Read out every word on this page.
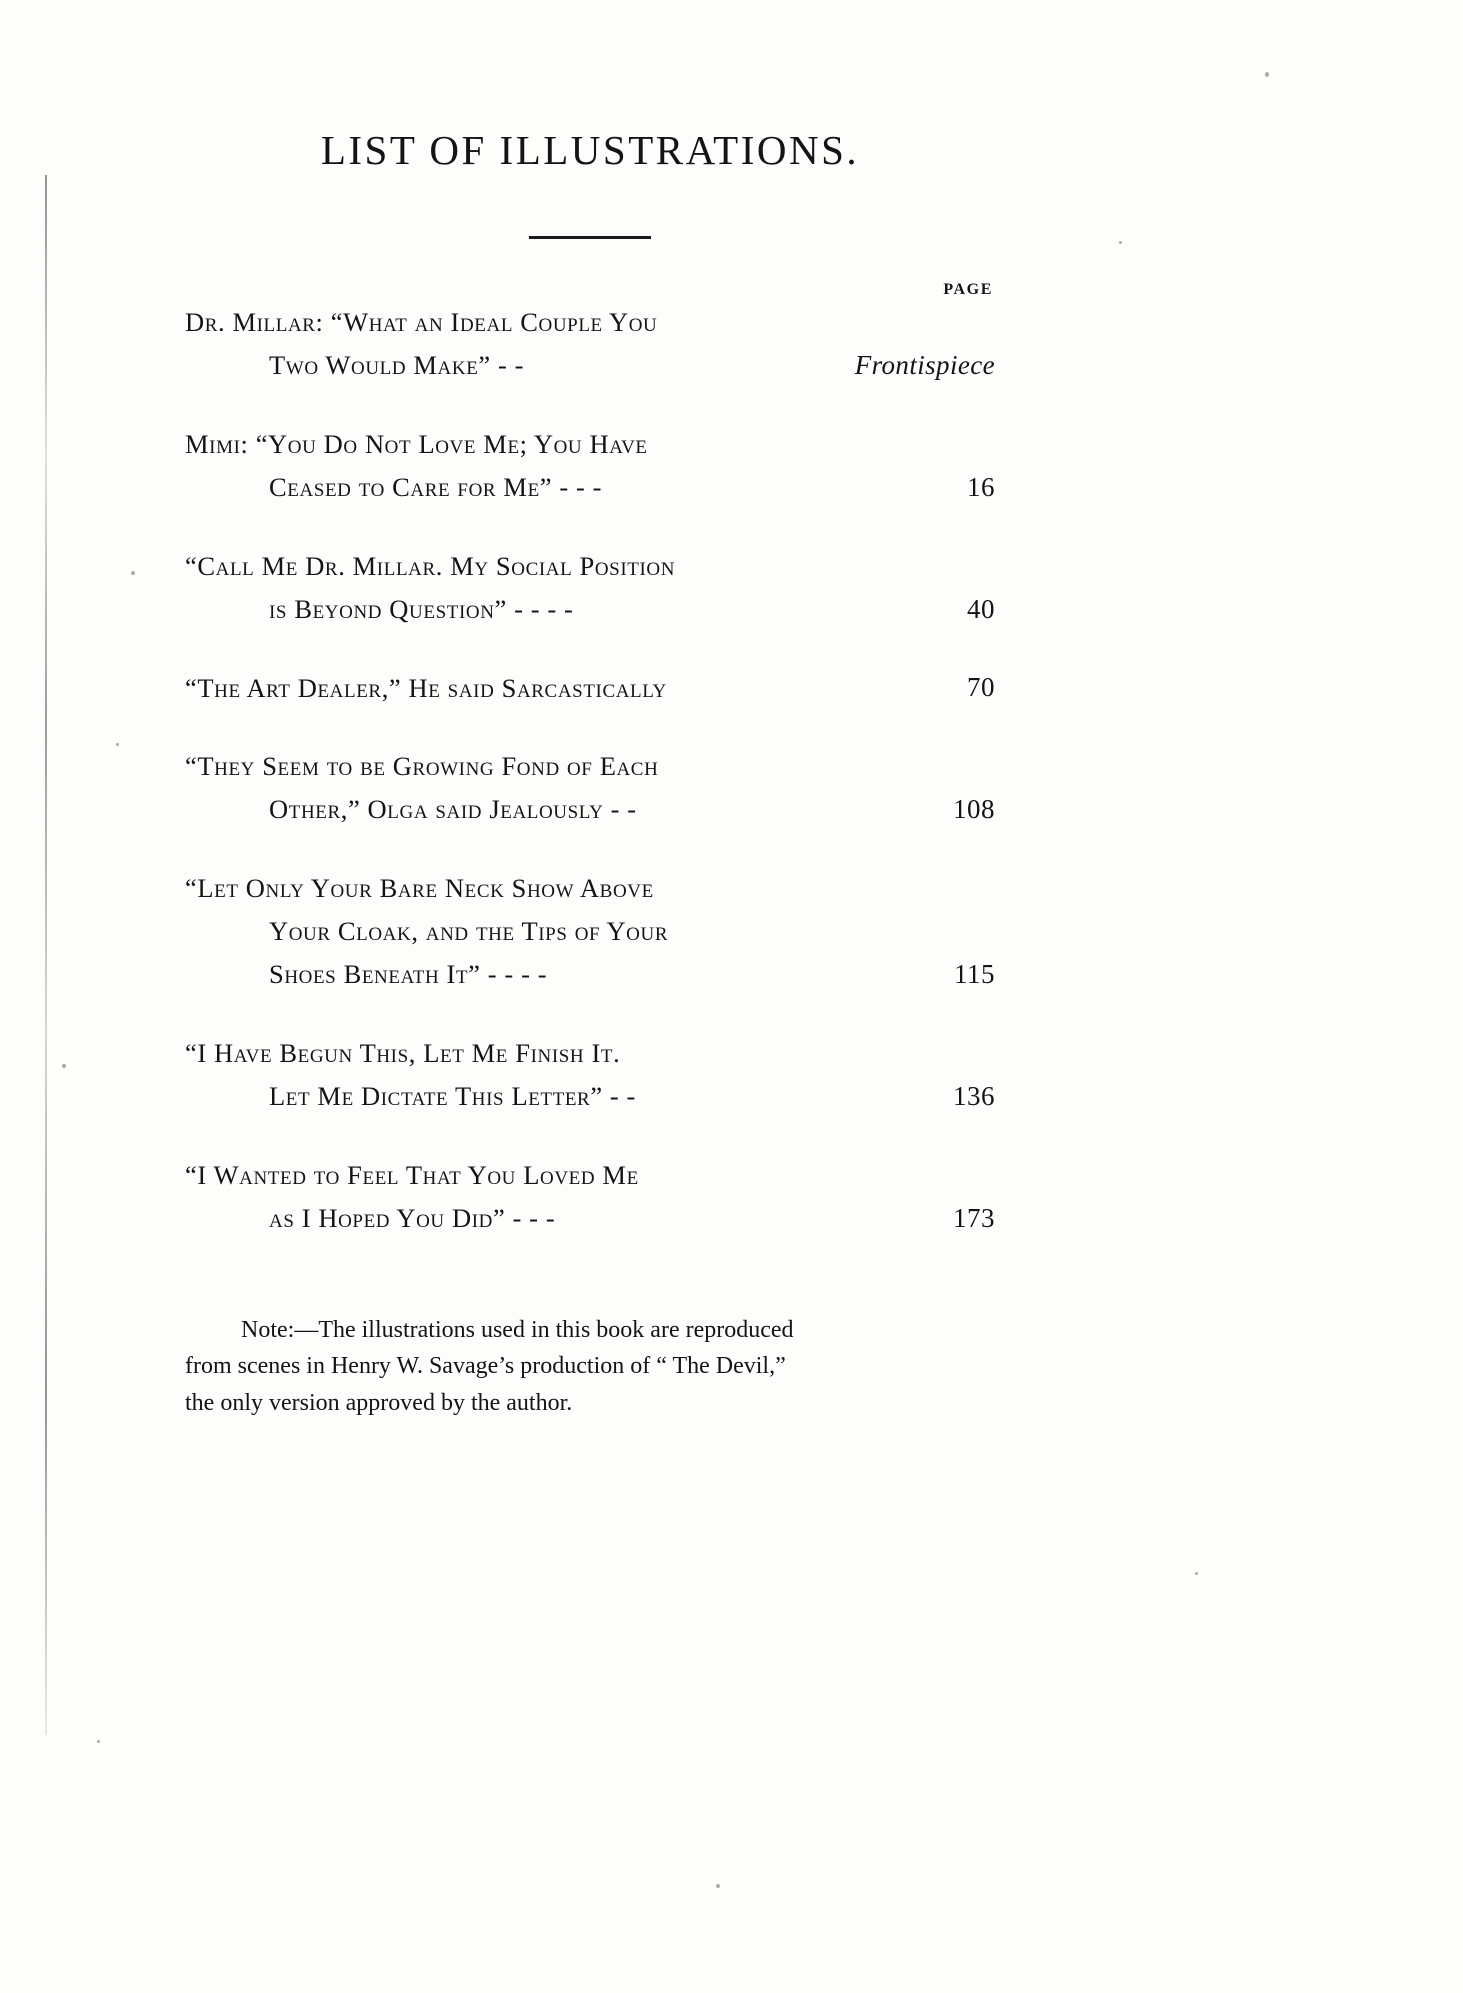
LIST OF ILLUSTRATIONS.
PAGE
Dr. Millar: “What an Ideal Couple You
Two Would Make” - -	Frontispiece
Mimi: “You Do Not Love Me; You Have
Ceased to Care for Me” - - -	16
“Call Me Dr. Millar. My Social Position
is Beyond Question” - - - -	40
“The Art Dealer,” He said Sarcastically	70
“They Seem to be Growing Fond of Each
Other,” Olga said Jealously - -	108
“Let Only Your Bare Neck Show Above
Your Cloak, and the Tips of Your
Shoes Beneath It” - - - -	115
“I Have Begun This, Let Me Finish It.
Let Me Dictate This Letter” - -	136
“I Wanted to Feel That You Loved Me
as I Hoped You Did” - - -	173
Note:—The illustrations used in this book are reproduced
from scenes in Henry W. Savage’s production of “ The Devil,”
the only version approved by the author.
